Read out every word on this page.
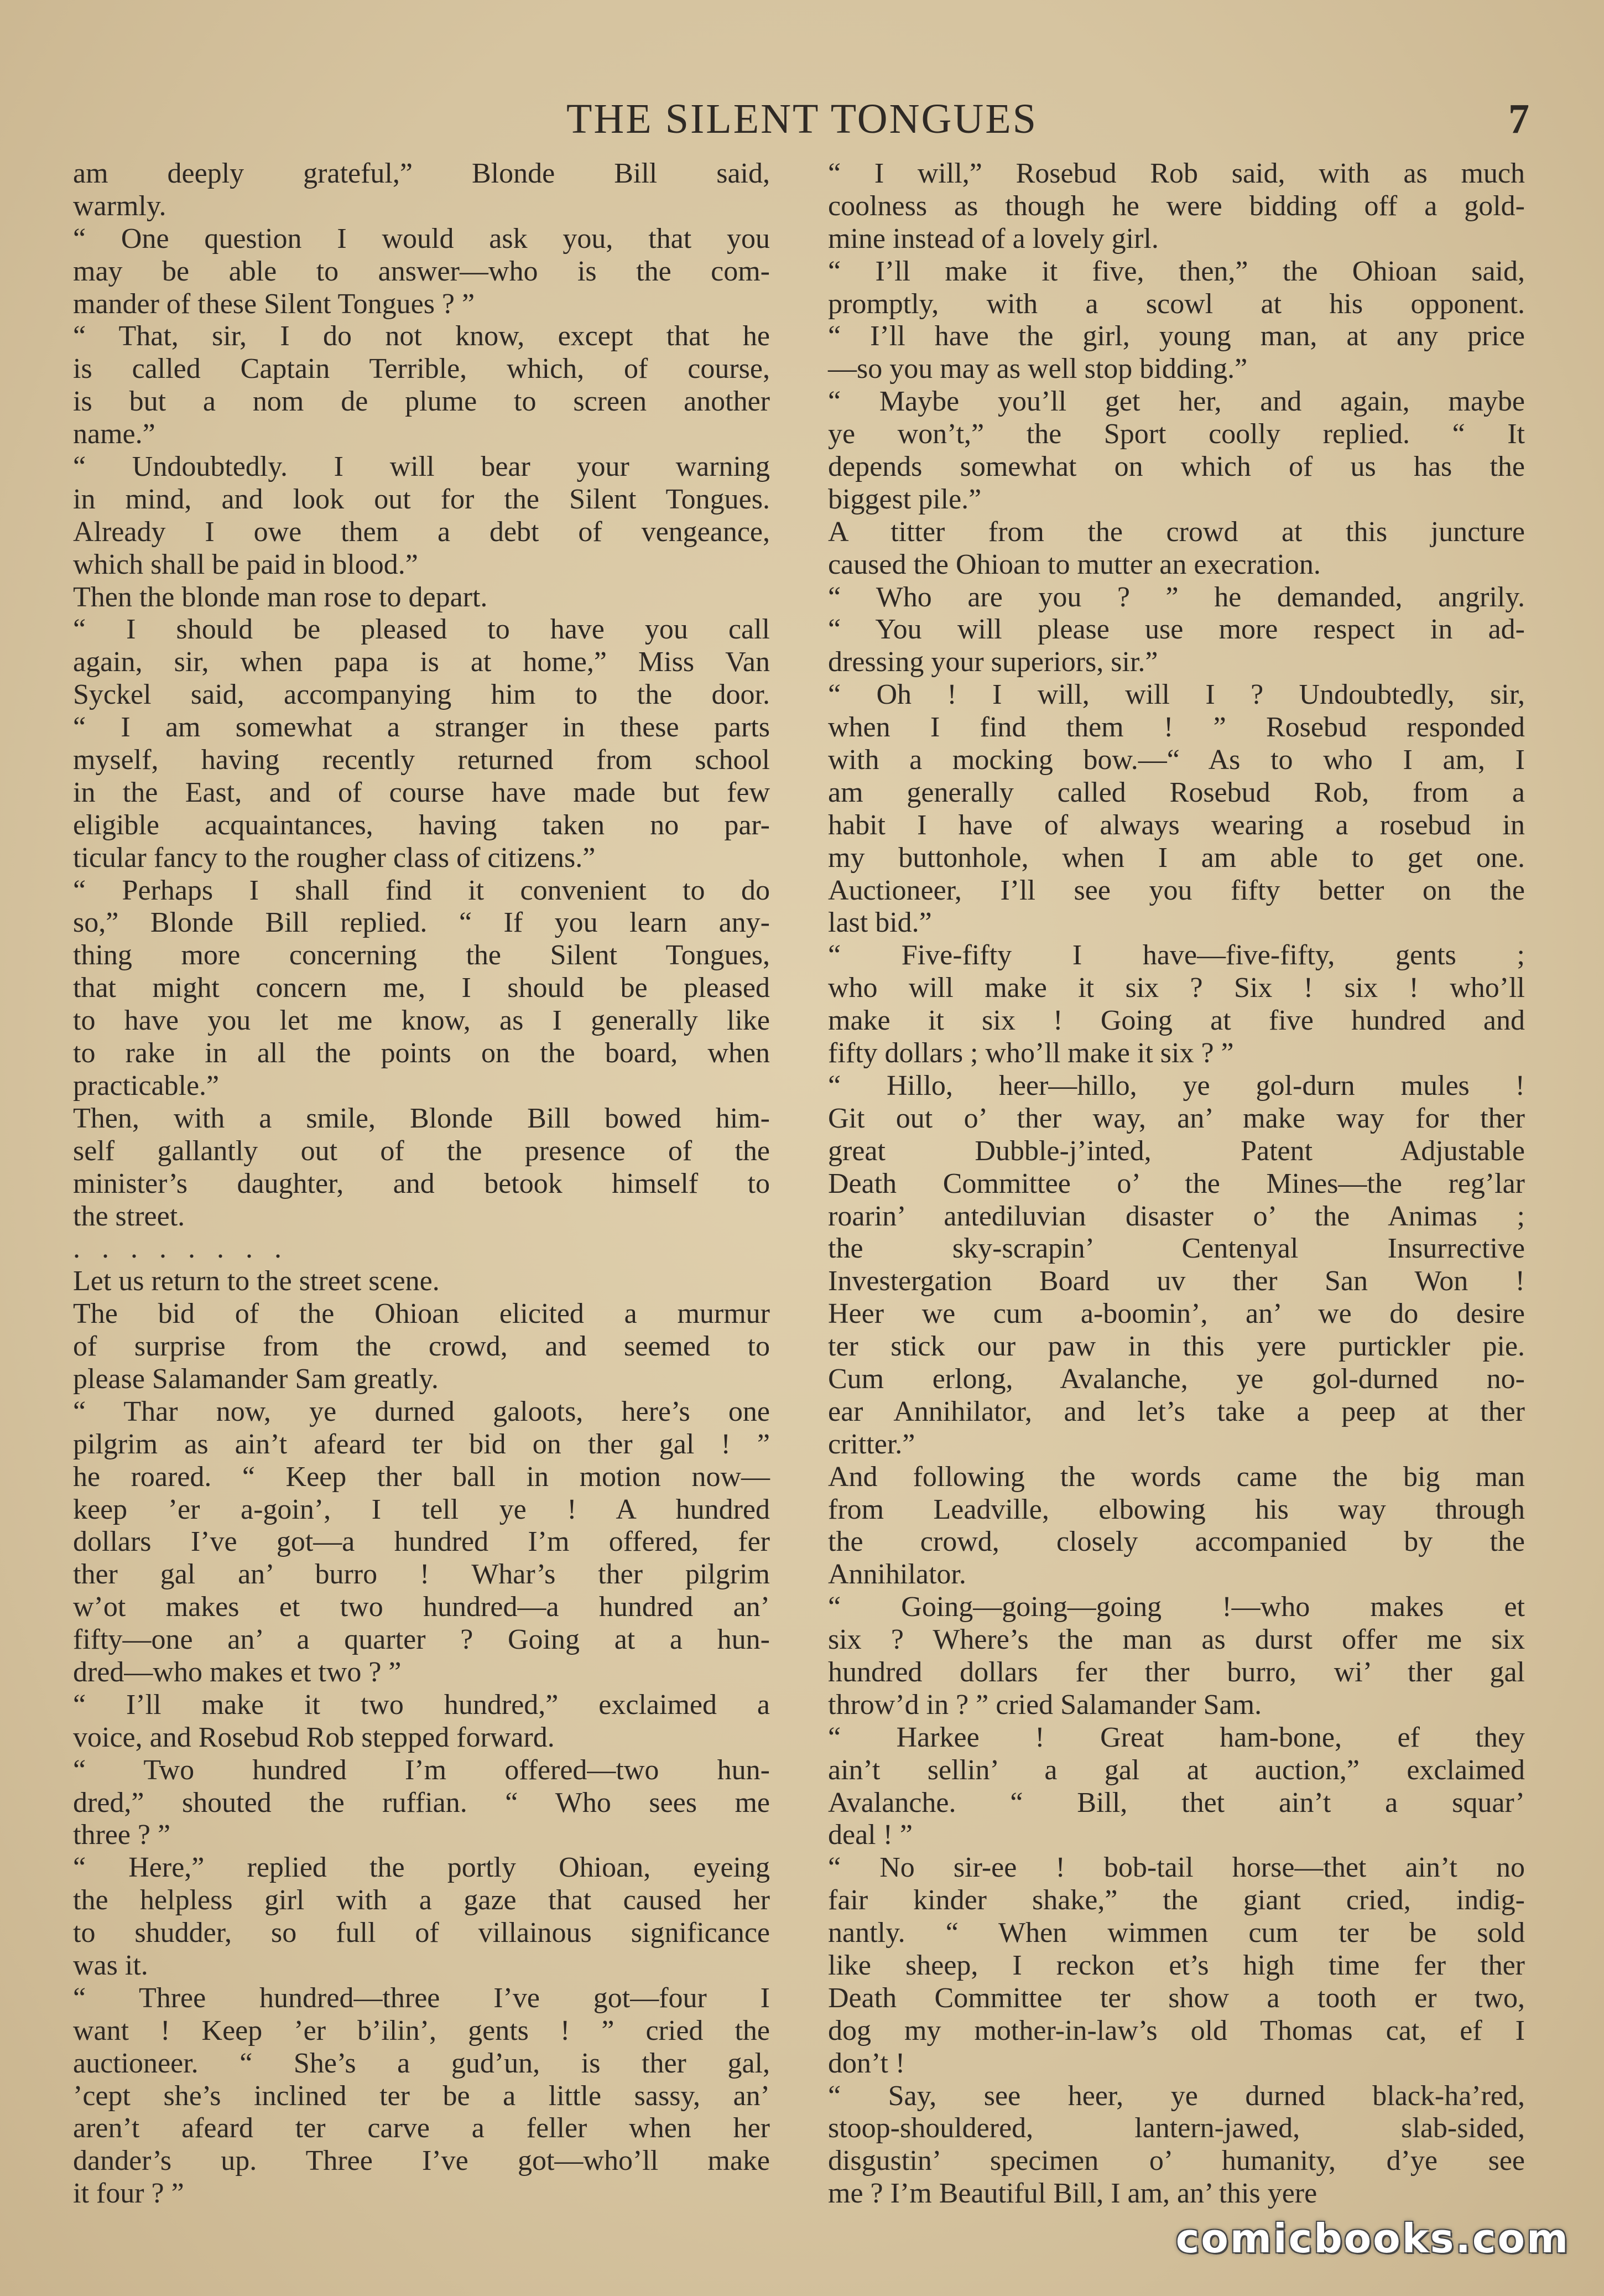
THE SILENT TONGUES	7
am deeply grateful,” Blonde Bill said,
warmly.
“ One question I would ask you, that you
may be able to answer—who is the com-
mander of these Silent Tongues ? ”
“ That, sir, I do not know, except that he
is called Captain Terrible, which, of course,
is but a nom de plume to screen another
name.”
“ Undoubtedly. I will bear your warning
in mind, and look out for the Silent Tongues.
Already I owe them a debt of vengeance,
which shall be paid in blood.”
Then the blonde man rose to depart.
“ I should be pleased to have you call
again, sir, when papa is at home,” Miss Van
Syckel said, accompanying him to the door.
“ I am somewhat a stranger in these parts
myself, having recently returned from school
in the East, and of course have made but few
eligible acquaintances, having taken no par-
ticular fancy to the rougher class of citizens.”
“ Perhaps I shall find it convenient to do
so,” Blonde Bill replied. “ If you learn any-
thing more concerning the Silent Tongues,
that might concern me, I should be pleased
to have you let me know, as I generally like
to rake in all the points on the board, when
practicable.”
Then, with a smile, Blonde Bill bowed him-
self gallantly out of the presence of the
minister’s daughter, and betook himself to
the street.
.   .   .   .   .   .   .   .
Let us return to the street scene.
The bid of the Ohioan elicited a murmur
of surprise from the crowd, and seemed to
please Salamander Sam greatly.
“ Thar now, ye durned galoots, here’s one
pilgrim as ain’t afeard ter bid on ther gal ! ”
he roared. “ Keep ther ball in motion now—
keep ’er a-goin’, I tell ye ! A hundred
dollars I’ve got—a hundred I’m offered, fer
ther gal an’ burro ! Whar’s ther pilgrim
w’ot makes et two hundred—a hundred an’
fifty—one an’ a quarter ? Going at a hun-
dred—who makes et two ? ”
“ I’ll make it two hundred,” exclaimed a
voice, and Rosebud Rob stepped forward.
“ Two hundred I’m offered—two hun-
dred,” shouted the ruffian. “ Who sees me
three ? ”
“ Here,” replied the portly Ohioan, eyeing
the helpless girl with a gaze that caused her
to shudder, so full of villainous significance
was it.
“ Three hundred—three I’ve got—four I
want ! Keep ’er b’ilin’, gents ! ” cried the
auctioneer. “ She’s a gud’un, is ther gal,
’cept she’s inclined ter be a little sassy, an’
aren’t afeard ter carve a feller when her
dander’s up. Three I’ve got—who’ll make
it four ? ”
“ I will,” Rosebud Rob said, with as much
coolness as though he were bidding off a gold-
mine instead of a lovely girl.
“ I’ll make it five, then,” the Ohioan said,
promptly, with a scowl at his opponent.
“ I’ll have the girl, young man, at any price
—so you may as well stop bidding.”
“ Maybe you’ll get her, and again, maybe
ye won’t,” the Sport coolly replied. “ It
depends somewhat on which of us has the
biggest pile.”
A titter from the crowd at this juncture
caused the Ohioan to mutter an execration.
“ Who are you ? ” he demanded, angrily.
“ You will please use more respect in ad-
dressing your superiors, sir.”
“ Oh ! I will, will I ? Undoubtedly, sir,
when I find them ! ” Rosebud responded
with a mocking bow.—“ As to who I am, I
am generally called Rosebud Rob, from a
habit I have of always wearing a rosebud in
my buttonhole, when I am able to get one.
Auctioneer, I’ll see you fifty better on the
last bid.”
“ Five-fifty I have—five-fifty, gents ;
who will make it six ? Six ! six ! who’ll
make it six ! Going at five hundred and
fifty dollars ; who’ll make it six ? ”
“ Hillo, heer—hillo, ye gol-durn mules !
Git out o’ ther way, an’ make way for ther
great Dubble-j’inted, Patent Adjustable
Death Committee o’ the Mines—the reg’lar
roarin’ antediluvian disaster o’ the Animas ;
the sky-scrapin’ Centenyal Insurrective
Investergation Board uv ther San Won !
Heer we cum a-boomin’, an’ we do desire
ter stick our paw in this yere purtickler pie.
Cum erlong, Avalanche, ye gol-durned no-
ear Annihilator, and let’s take a peep at ther
critter.”
And following the words came the big man
from Leadville, elbowing his way through
the crowd, closely accompanied by the
Annihilator.
“ Going—going—going !—who makes et
six ? Where’s the man as durst offer me six
hundred dollars fer ther burro, wi’ ther gal
throw’d in ? ” cried Salamander Sam.
“ Harkee ! Great ham-bone, ef they
ain’t sellin’ a gal at auction,” exclaimed
Avalanche. “ Bill, thet ain’t a squar’
deal ! ”
“ No sir-ee ! bob-tail horse—thet ain’t no
fair kinder shake,” the giant cried, indig-
nantly. “ When wimmen cum ter be sold
like sheep, I reckon et’s high time fer ther
Death Committee ter show a tooth er two,
dog my mother-in-law’s old Thomas cat, ef I
don’t !
“ Say, see heer, ye durned black-ha’red,
stoop-shouldered, lantern-jawed, slab-sided,
disgustin’ specimen o’ humanity, d’ye see
me ? I’m Beautiful Bill, I am, an’ this yere
comicbooks.com
